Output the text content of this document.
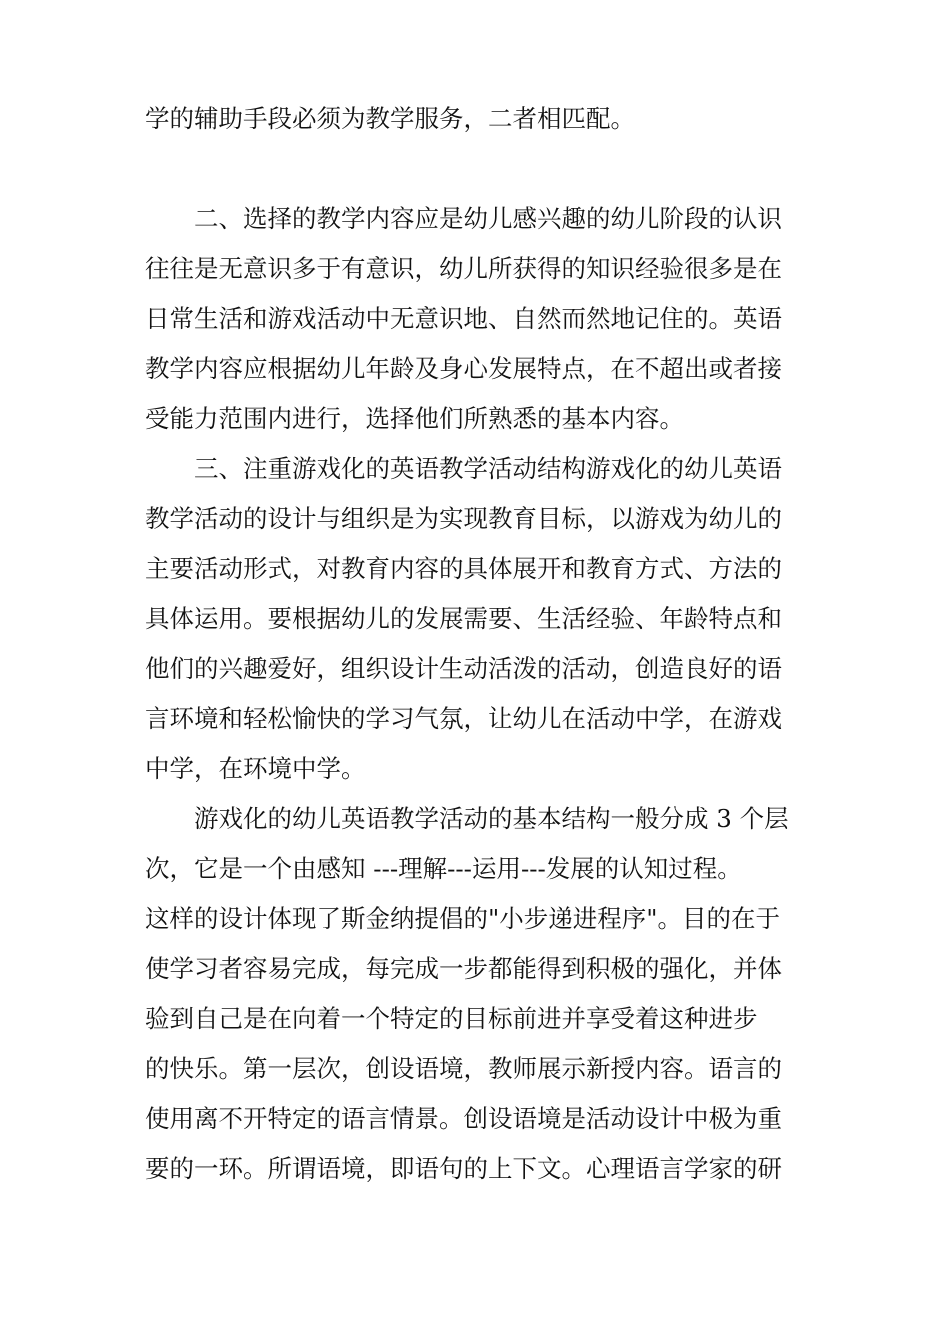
学的辅助手段必须为教学服务，二者相匹配。

二、选择的教学内容应是幼儿感兴趣的幼儿阶段的认识

往往是无意识多于有意识，幼儿所获得的知识经验很多是在

日常生活和游戏活动中无意识地、自然而然地记住的。英语

教学内容应根据幼儿年龄及身心发展特点，在不超出或者接

受能力范围内进行，选择他们所熟悉的基本内容。

三、注重游戏化的英语教学活动结构游戏化的幼儿英语

教学活动的设计与组织是为实现教育目标，以游戏为幼儿的

主要活动形式，对教育内容的具体展开和教育方式、方法的

具体运用。要根据幼儿的发展需要、生活经验、年龄特点和

他们的兴趣爱好，组织设计生动活泼的活动，创造良好的语

言环境和轻松愉快的学习气氛，让幼儿在活动中学，在游戏

中学，在环境中学。

游戏化的幼儿英语教学活动的基本结构一般分成 3 个层

次，它是一个由感知 ---理解---运用---发展的认知过程。

这样的设计体现了斯金纳提倡的"小步递进程序"。目的在于

使学习者容易完成，每完成一步都能得到积极的强化，并体

验到自己是在向着一个特定的目标前进并享受着这种进步

的快乐。第一层次，创设语境，教师展示新授内容。语言的

使用离不开特定的语言情景。创设语境是活动设计中极为重

要的一环。所谓语境，即语句的上下文。心理语言学家的研
